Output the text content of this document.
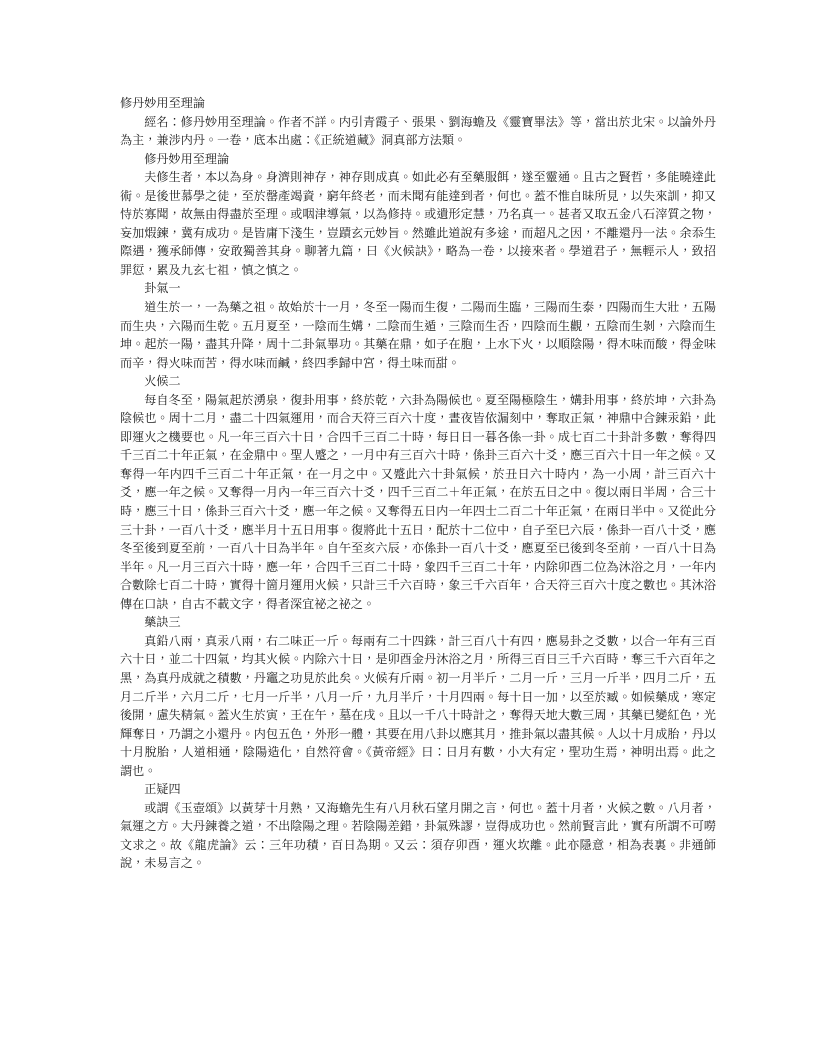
修丹妙用至理論

經名：修丹妙用至理論。作者不詳。内引青霞子、張果、劉海蟾及《靈寶畢法》等，當出於北宋。以論外丹為主，兼涉内丹。一卷，底本出處：《正統道藏》洞真部方法類。

修丹妙用至理論

夫修生者，本以為身。身濟則神存，神存則成真。如此必有至藥服餌，遂至靈通。且古之賢哲，多能曉達此術。是後世慕學之徒，至於罄產竭資，窮年終老，而未聞有能達到者，何也。蓋不惟自昧所見，以失來訓，抑又恃於寡聞，故無由得盡於至理。或咽津導氣，以為修持。或遺形定慧，乃名真一。甚者又取五金八石滓質之物，妄加煆鍊，冀有成功。是皆庸下淺生，豈蹟玄元妙旨。然雖此道說有多途，而超凡之因，不離還丹一法。余忝生際遇，獲承師傳，安敢獨善其身。聊著九篇，曰《火候訣》，略為一卷，以接來者。學道君子，無輕示人，致招罪愆，累及九玄七祖，慎之慎之。

卦氣一

道生於一，一為藥之祖。故始於十一月，冬至一陽而生復，二陽而生臨，三陽而生泰，四陽而生大壯，五陽而生央，六陽而生乾。五月夏至，一陰而生媾，二陰而生遁，三陰而生否，四陰而生觀，五陰而生剝，六陰而生坤。起於一陽，盡其升降，周十二卦氣畢功。其藥在鼎，如子在胞，上水下火，以順陰陽，得木味而酸，得金味而辛，得火味而苦，得水味而鹹，終四季歸中宮，得土味而甜。

火候二

每自冬至，陽氣起於湧泉，復卦用事，終於乾，六卦為陽候也。夏至陽極陰生，媾卦用事，終於坤，六卦為陰候也。周十二月，盡二十四氣運用，而合天符三百六十度，晝夜皆依漏刻中，奪取正氣，神鼎中合鍊汞鉛，此即運火之機要也。凡一年三百六十日，合四千三百二十時，每日日一暮各係一卦。成七百二十卦計多數，奪得四千三百二十年正氣，在金鼎中。聖人蹙之，一月中有三百六十時，係卦三百六十爻，應三百六十日一年之候。又奪得一年内四千三百二十年正氣，在一月之中。又蹙此六十卦氣候，於丑日六十時内，為一小周，計三百六十爻，應一年之候。又奪得一月內一年三百六十爻，四千三百二＋年正氣，在於五日之中。復以兩日半周，合三十時，應三十日，係卦三百六十爻，應一年之候。又奪得五日内一年四士二百二十年正氣，在兩日半中。又從此分三十卦，一百八十爻，應半月十五日用事。復將此十五日，配於十二位中，自子至巳六辰，係卦一百八十爻，應冬至後到夏至前，一百八十日為半年。自午至亥六辰，亦係卦一百八十爻，應夏至已後到冬至前，一百八十日為半年。凡一月三百六十時，應一年，合四千三百二十時，象四千三百二十年，内除卯酉二位為沐浴之月，一年内合數除七百二十時，實得十箇月運用火候，只計三千六百時，象三千六百年，合天符三百六十度之數也。其沐浴傳在口訣，自古不載文字，得者深宜祕之祕之。

藥訣三

真鉛八兩，真汞八兩，右二味正一斤。每兩有二十四銖，計三百八十有四，應易卦之爻數，以合一年有三百六十日，並二十四氣，均其火候。内除六十日，是卯酉金丹沐浴之月，所得三百日三千六百時，奪三千六百年之黑，為真丹成就之積數，丹竈之功見於此矣。火候有斤兩。初一月半斤，二月一斤，三月一斤半，四月二斤，五月二斤半，六月二斤，七月一斤半，八月一斤，九月半斤，十月四兩。每十日一加，以至於臧。如候藥成，寒定後開，慮失精氣。蓋火生於寅，王在午，墓在戌。且以一千八十時計之，奪得天地大數三周，其藥已變紅色，光輝奪日，乃謂之小還丹。内包五色，外形一體，其要在用八卦以應其月，推卦氣以盡其候。人以十月成胎，丹以十月脫胎，人道相通，陰陽造化，自然符會。《黃帝經》曰：日月有數，小大有定，聖功生焉，神明出焉。此之謂也。

正疑四

或謂《玉壺頌》以黃芽十月熟，又海蟾先生有八月秋石望月開之言，何也。蓋十月者，火候之數。八月者，氣運之方。大丹鍊養之道，不出陰陽之理。若陰陽差錯，卦氣殊謬，豈得成功也。然前賢言此，實有所謂不可嘮文求之。故《龍虎論》云：三年功積，百日為期。又云：須存卯酉，運火坎離。此亦隱意，相為表裏。非通師說，未易言之。
